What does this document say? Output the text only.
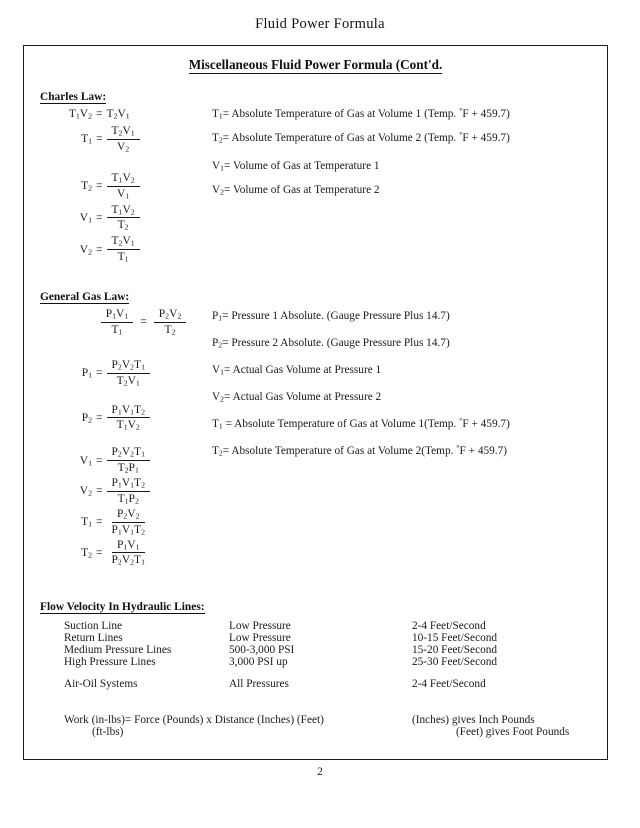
Fluid Power Formula
Miscellaneous Fluid Power Formula (Cont'd.
Charles Law:
$T_1V_2 = T_2V_1$
$T_1 = \frac{T_2V_1}{V_2}$
$T_2 = \frac{T_1V_2}{V_1}$
$V_1 = \frac{T_1V_2}{T_2}$
$V_2 = \frac{T_2V_1}{T_1}$
$T_1=$ Absolute Temperature of Gas at Volume 1 (Temp. °F + 459.7)
$T_2=$ Absolute Temperature of Gas at Volume 2 (Temp. °F + 459.7)
$V_1=$ Volume of Gas at Temperature 1
$V_2=$ Volume of Gas at Temperature 2
General Gas Law:
$\frac{P_1V_1}{T_1} = \frac{P_2V_2}{T_2}$
$P_1 = \frac{P_2V_2T_1}{T_2V_1}$
$P_2 = \frac{P_1V_1T_2}{T_1V_2}$
$V_1 = \frac{P_2V_2T_1}{T_2P_1}$
$V_2 = \frac{P_1V_1T_2}{T_1P_2}$
$T_1 = \frac{P_2V_2}{P_1V_1T_2}$
$T_2 = \frac{P_1V_1}{P_2V_2T_1}$
$P_1=$ Pressure 1 Absolute. (Gauge Pressure Plus 14.7)
$P_2=$ Pressure 2 Absolute. (Gauge Pressure Plus 14.7)
$V_1=$ Actual Gas Volume at Pressure 1
$V_2=$ Actual Gas Volume at Pressure 2
$T_1$ = Absolute Temperature of Gas at Volume 1(Temp. °F + 459.7)
$T_2=$ Absolute Temperature of Gas at Volume 2(Temp. °F + 459.7)
Flow Velocity In Hydraulic Lines:
Suction Line	Low Pressure	2-4 Feet/Second
Return Lines	Low Pressure	10-15 Feet/Second
Medium Pressure Lines	500-3,000 PSI	15-20 Feet/Second
High Pressure Lines	3,000 PSI up	25-30 Feet/Second
Air-Oil Systems	All Pressures	2-4 Feet/Second
Work (in-lbs)= Force (Pounds) x Distance (Inches) (Feet)	(Inches) gives Inch Pounds
(ft-lbs)	(Feet) gives Foot Pounds
2
